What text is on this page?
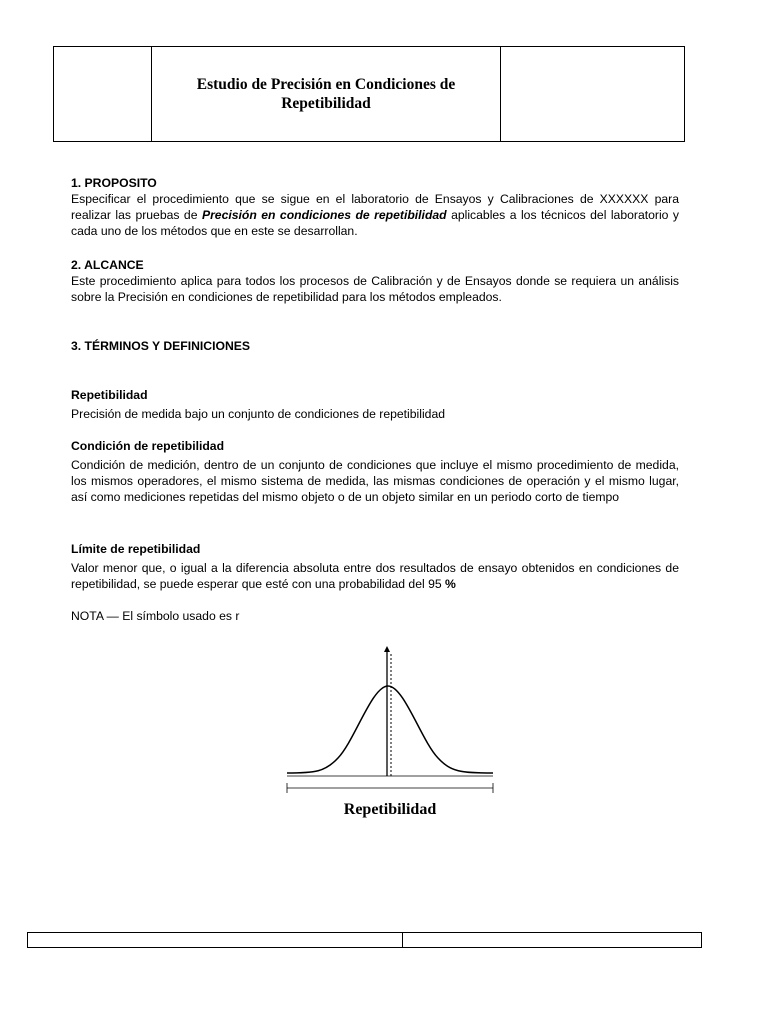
Estudio de Precisión en Condiciones de
Repetibilidad

1. PROPOSITO
Especificar el procedimiento que se sigue en el laboratorio de Ensayos y Calibraciones de XXXXXX para realizar las pruebas de Precisión en condiciones de repetibilidad aplicables a los técnicos del laboratorio y cada uno de los métodos que en este se desarrollan.
2. ALCANCE
Este procedimiento aplica para todos los procesos de Calibración y de Ensayos donde se requiera un análisis sobre la Precisión en condiciones de repetibilidad para los métodos empleados.
3. TÉRMINOS Y DEFINICIONES
Repetibilidad
Precisión de medida bajo un conjunto de condiciones de repetibilidad
Condición de repetibilidad
Condición de medición, dentro de un conjunto de condiciones que incluye el mismo procedimiento de medida, los mismos operadores, el mismo sistema de medida, las mismas condiciones de operación y el mismo lugar, así como mediciones repetidas del mismo objeto o de un objeto similar en un periodo corto de tiempo
Límite de repetibilidad
Valor menor que, o igual a la diferencia absoluta entre dos resultados de ensayo obtenidos en condiciones de repetibilidad, se puede esperar que esté con una probabilidad del 95 %
NOTA — El símbolo usado es r
Repetibilidad
